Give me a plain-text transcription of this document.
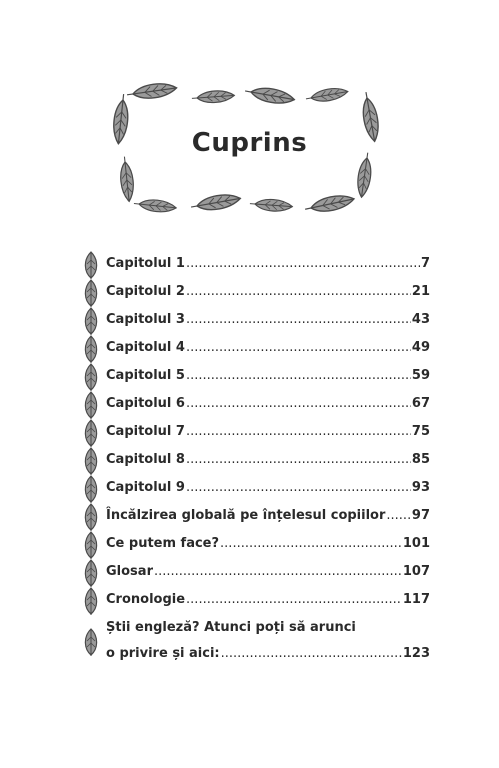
Cuprins
Capitolul 1 .....	7
Capitolul 2 .....	21
Capitolul 3 .....	43
Capitolul 4 .....	49
Capitolul 5 .....	59
Capitolul 6 .....	67
Capitolul 7 .....	75
Capitolul 8 .....	85
Capitolul 9 .....	93
Încălzirea globală pe înțelesul copiilor ..... 97
Ce putem face? .....	101
Glosar .....	107
Cronologie .....	117
Știi engleză? Atunci poți să arunci
o privire și aici: .....	123
